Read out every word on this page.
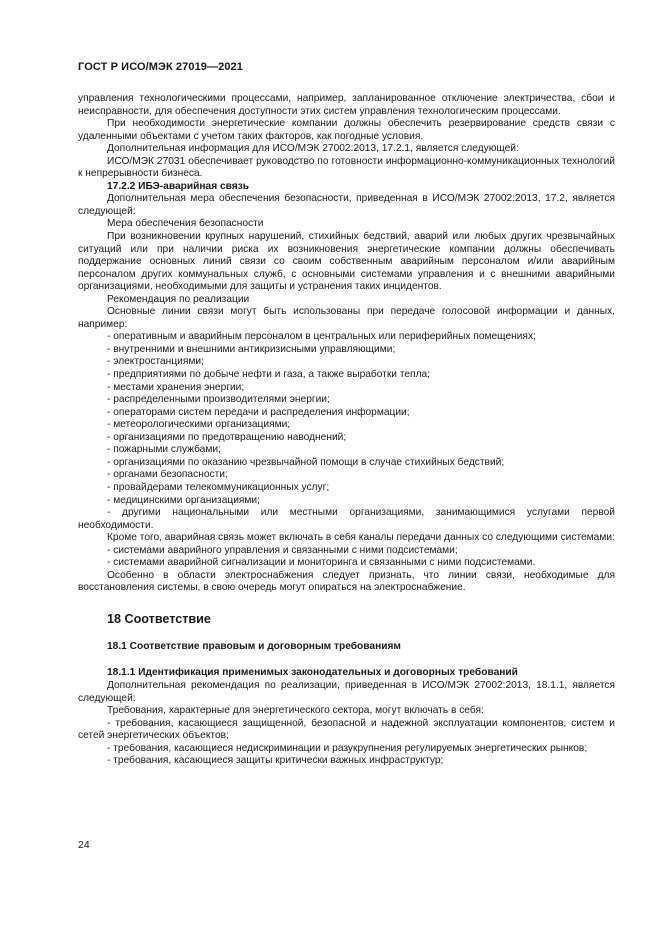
ГОСТ Р ИСО/МЭК 27019—2021

управления технологическими процессами, например, запланированное отключение электричества, сбои и неисправности, для обеспечения доступности этих систем управления технологическим процессами.

При необходимости энергетические компании должны обеспечить резервирование средств связи с удаленными объектами с учетом таких факторов, как погодные условия.

Дополнительная информация для ИСО/МЭК 27002:2013, 17.2.1, является следующей:

ИСО/МЭК 27031 обеспечивает руководство по готовности информационно-коммуникационных технологий к непрерывности бизнеса.

17.2.2 ИБЭ-аварийная связь

Дополнительная мера обеспечения безопасности, приведенная в ИСО/МЭК 27002:2013, 17.2, является следующей:

Мера обеспечения безопасности

При возникновении крупных нарушений, стихийных бедствий, аварий или любых других чрезвычайных ситуаций или при наличии риска их возникновения энергетические компании должны обеспечивать поддержание основных линий связи со своим собственным аварийным персоналом и/или аварийным персоналом других коммунальных служб, с основными системами управления и с внешними аварийными организациями, необходимыми для защиты и устранения таких инцидентов.

Рекомендация по реализации

Основные линии связи могут быть использованы при передаче голосовой информации и данных, например:

- оперативным и аварийным персоналом в центральных или периферийных помещениях;

- внутренними и внешними антикризисными управляющими;

- электростанциями;

- предприятиями по добыче нефти и газа, а также выработки тепла;

- местами хранения энергии;

- распределенными производителями энергии;

- операторами систем передачи и распределения информации;

- метеорологическими организациями;

- организациями по предотвращению наводнений;

- пожарными службами;

- организациями по оказанию чрезвычайной помощи в случае стихийных бедствий;

- органами безопасности;

- провайдерами телекоммуникационных услуг;

- медицинскими организациями;

- другими национальными или местными организациями, занимающимися услугами первой необходимости.

Кроме того, аварийная связь может включать в себя каналы передачи данных со следующими системами:

- системами аварийного управления и связанными с ними подсистемами;

- системами аварийной сигнализации и мониторинга и связанными с ними подсистемами.

Особенно в области электроснабжения следует признать, что линии связи, необходимые для восстановления системы, в свою очередь могут опираться на электроснабжение.

18 Соответствие

18.1 Соответствие правовым и договорным требованиям

18.1.1 Идентификация применимых законодательных и договорных требований

Дополнительная рекомендация по реализации, приведенная в ИСО/МЭК 27002:2013, 18.1.1, является следующей:

Требования, характерные для энергетического сектора, могут включать в себя:

- требования, касающиеся защищенной, безопасной и надежной эксплуатации компонентов, систем и сетей энергетических объектов;

- требования, касающиеся недискриминации и разукрупнения регулируемых энергетических рынков;

- требования, касающиеся защиты критически важных инфраструктур;

24
